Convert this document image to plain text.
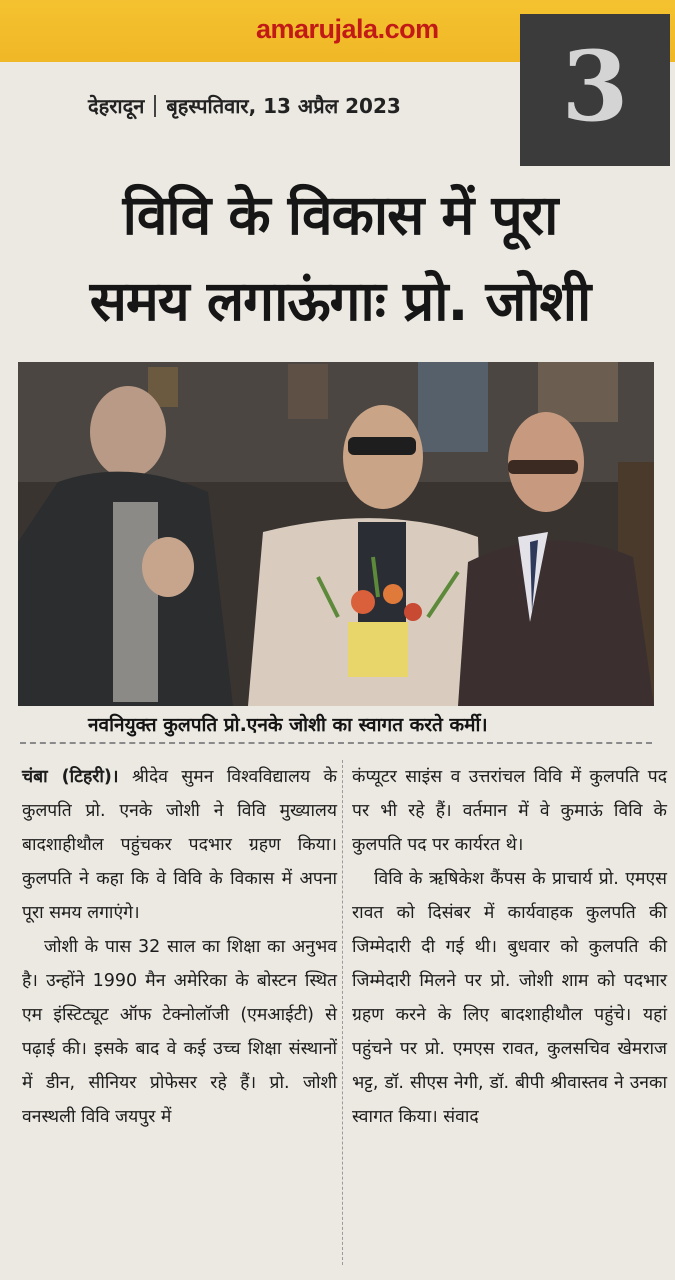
amarujala.com
3
देहरादून बृहस्पतिवार, 13 अप्रैल 2023
विवि के विकास में पूरा
समय लगाऊंगाः प्रो. जोशी
नवनियुक्त कुलपति प्रो.एनके जोशी का स्वागत करते कर्मी।

चंबा (टिहरी)। श्रीदेव सुमन विश्वविद्यालय के कुलपति प्रो. एनके जोशी ने विवि मुख्यालय बादशाहीथौल पहुंचकर पदभार ग्रहण किया। कुलपति ने कहा कि वे विवि के विकास में अपना पूरा समय लगाएंगे।

जोशी के पास 32 साल का शिक्षा का अनुभव है। उन्होंने 1990 मैन अमेरिका के बोस्टन स्थित एम इंस्टिट्यूट ऑफ टेक्नोलॉजी (एमआईटी) से पढ़ाई की। इसके बाद वे कई उच्च शिक्षा संस्थानों में डीन, सीनियर प्रोफेसर रहे हैं। प्रो. जोशी वनस्थली विवि जयपुर में

कंप्यूटर साइंस व उत्तरांचल विवि में कुलपति पद पर भी रहे हैं। वर्तमान में वे कुमाऊं विवि के कुलपति पद पर कार्यरत थे।

विवि के ऋषिकेश कैंपस के प्राचार्य प्रो. एमएस रावत को दिसंबर में कार्यवाहक कुलपति की जिम्मेदारी दी गई थी। बुधवार को कुलपति की जिम्मेदारी मिलने पर प्रो. जोशी शाम को पदभार ग्रहण करने के लिए बादशाहीथौल पहुंचे। यहां पहुंचने पर प्रो. एमएस रावत, कुलसचिव खेमराज भट्ट, डॉ. सीएस नेगी, डॉ. बीपी श्रीवास्तव ने उनका स्वागत किया। संवाद
